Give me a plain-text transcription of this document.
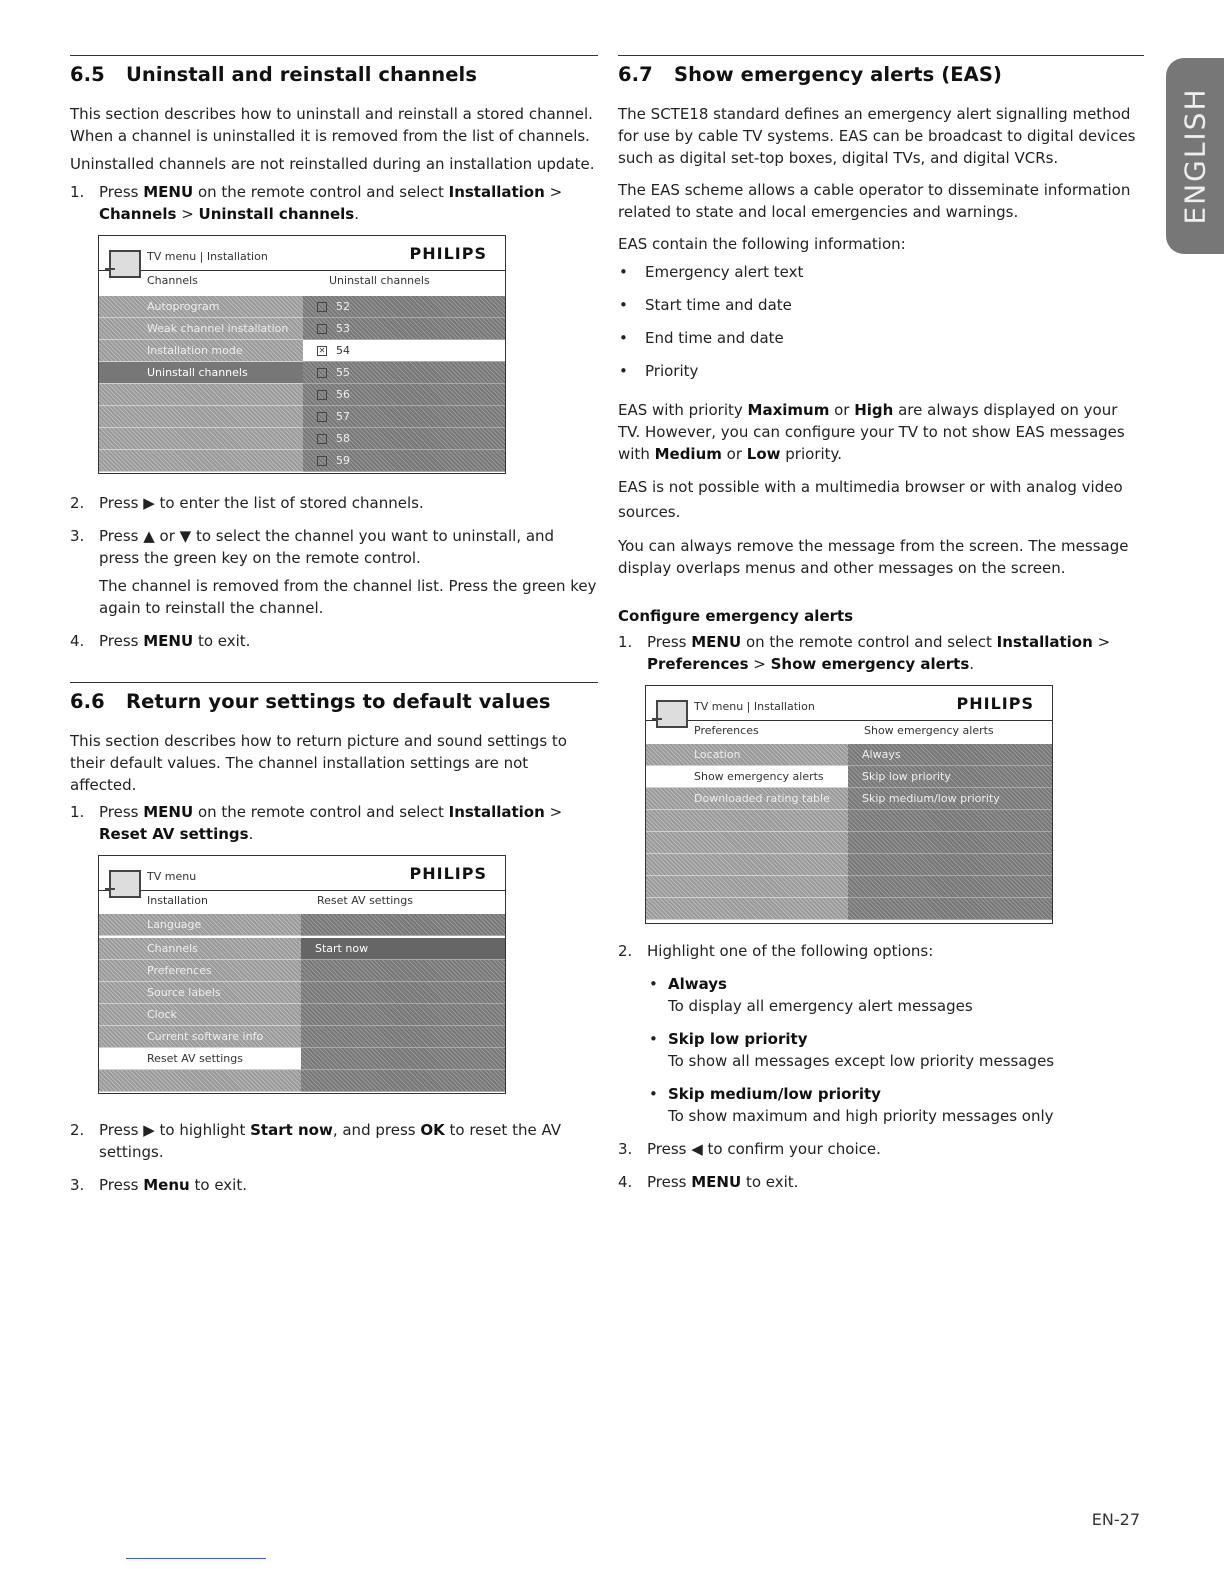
6.5 Uninstall and reinstall channels

This section describes how to uninstall and reinstall a stored channel. When a channel is uninstalled it is removed from the list of channels.

Uninstalled channels are not reinstalled during an installation update.

1. Press MENU on the remote control and select Installation > Channels > Uninstall channels.
TV menu | Installation	PHILIPS
Channels	Uninstall channels
Autoprogram
Weak channel installation
Installation mode
Uninstall channels
52
53
✕ 54
55
56
57
58
59
2. Press ▶ to enter the list of stored channels.
3. Press ▲ or ▼ to select the channel you want to uninstall, and press the green key on the remote control.

The channel is removed from the channel list. Press the green key again to reinstall the channel.

4. Press MENU to exit.
6.6 Return your settings to default values

This section describes how to return picture and sound settings to their default values. The channel installation settings are not affected.

1. Press MENU on the remote control and select Installation > Reset AV settings.
TV menu	PHILIPS
Installation	Reset AV settings
Language
Channels
Preferences
Source labels
Clock
Current software info
Reset AV settings
Start now
2. Press ▶ to highlight Start now, and press OK to reset the AV settings.
3. Press Menu to exit.
6.7 Show emergency alerts (EAS)

The SCTE18 standard defines an emergency alert signalling method for use by cable TV systems. EAS can be broadcast to digital devices such as digital set-top boxes, digital TVs, and digital VCRs.

The EAS scheme allows a cable operator to disseminate information related to state and local emergencies and warnings.

EAS contain the following information:

• Emergency alert text
• Start time and date
• End time and date
• Priority

EAS with priority Maximum or High are always displayed on your TV. However, you can configure your TV to not show EAS messages with Medium or Low priority.

EAS is not possible with a multimedia browser or with analog video sources.

You can always remove the message from the screen. The message display overlaps menus and other messages on the screen.

Configure emergency alerts
1. Press MENU on the remote control and select Installation > Preferences > Show emergency alerts.
TV menu | Installation	PHILIPS
Preferences	Show emergency alerts
Location
Show emergency alerts
Downloaded rating table
Always
Skip low priority
Skip medium/low priority
2. Highlight one of the following options:
• Always
To display all emergency alert messages
• Skip low priority
To show all messages except low priority messages
• Skip medium/low priority
To show maximum and high priority messages only
3. Press ◀ to confirm your choice.
4. Press MENU to exit.
ENGLISH
EN-27
